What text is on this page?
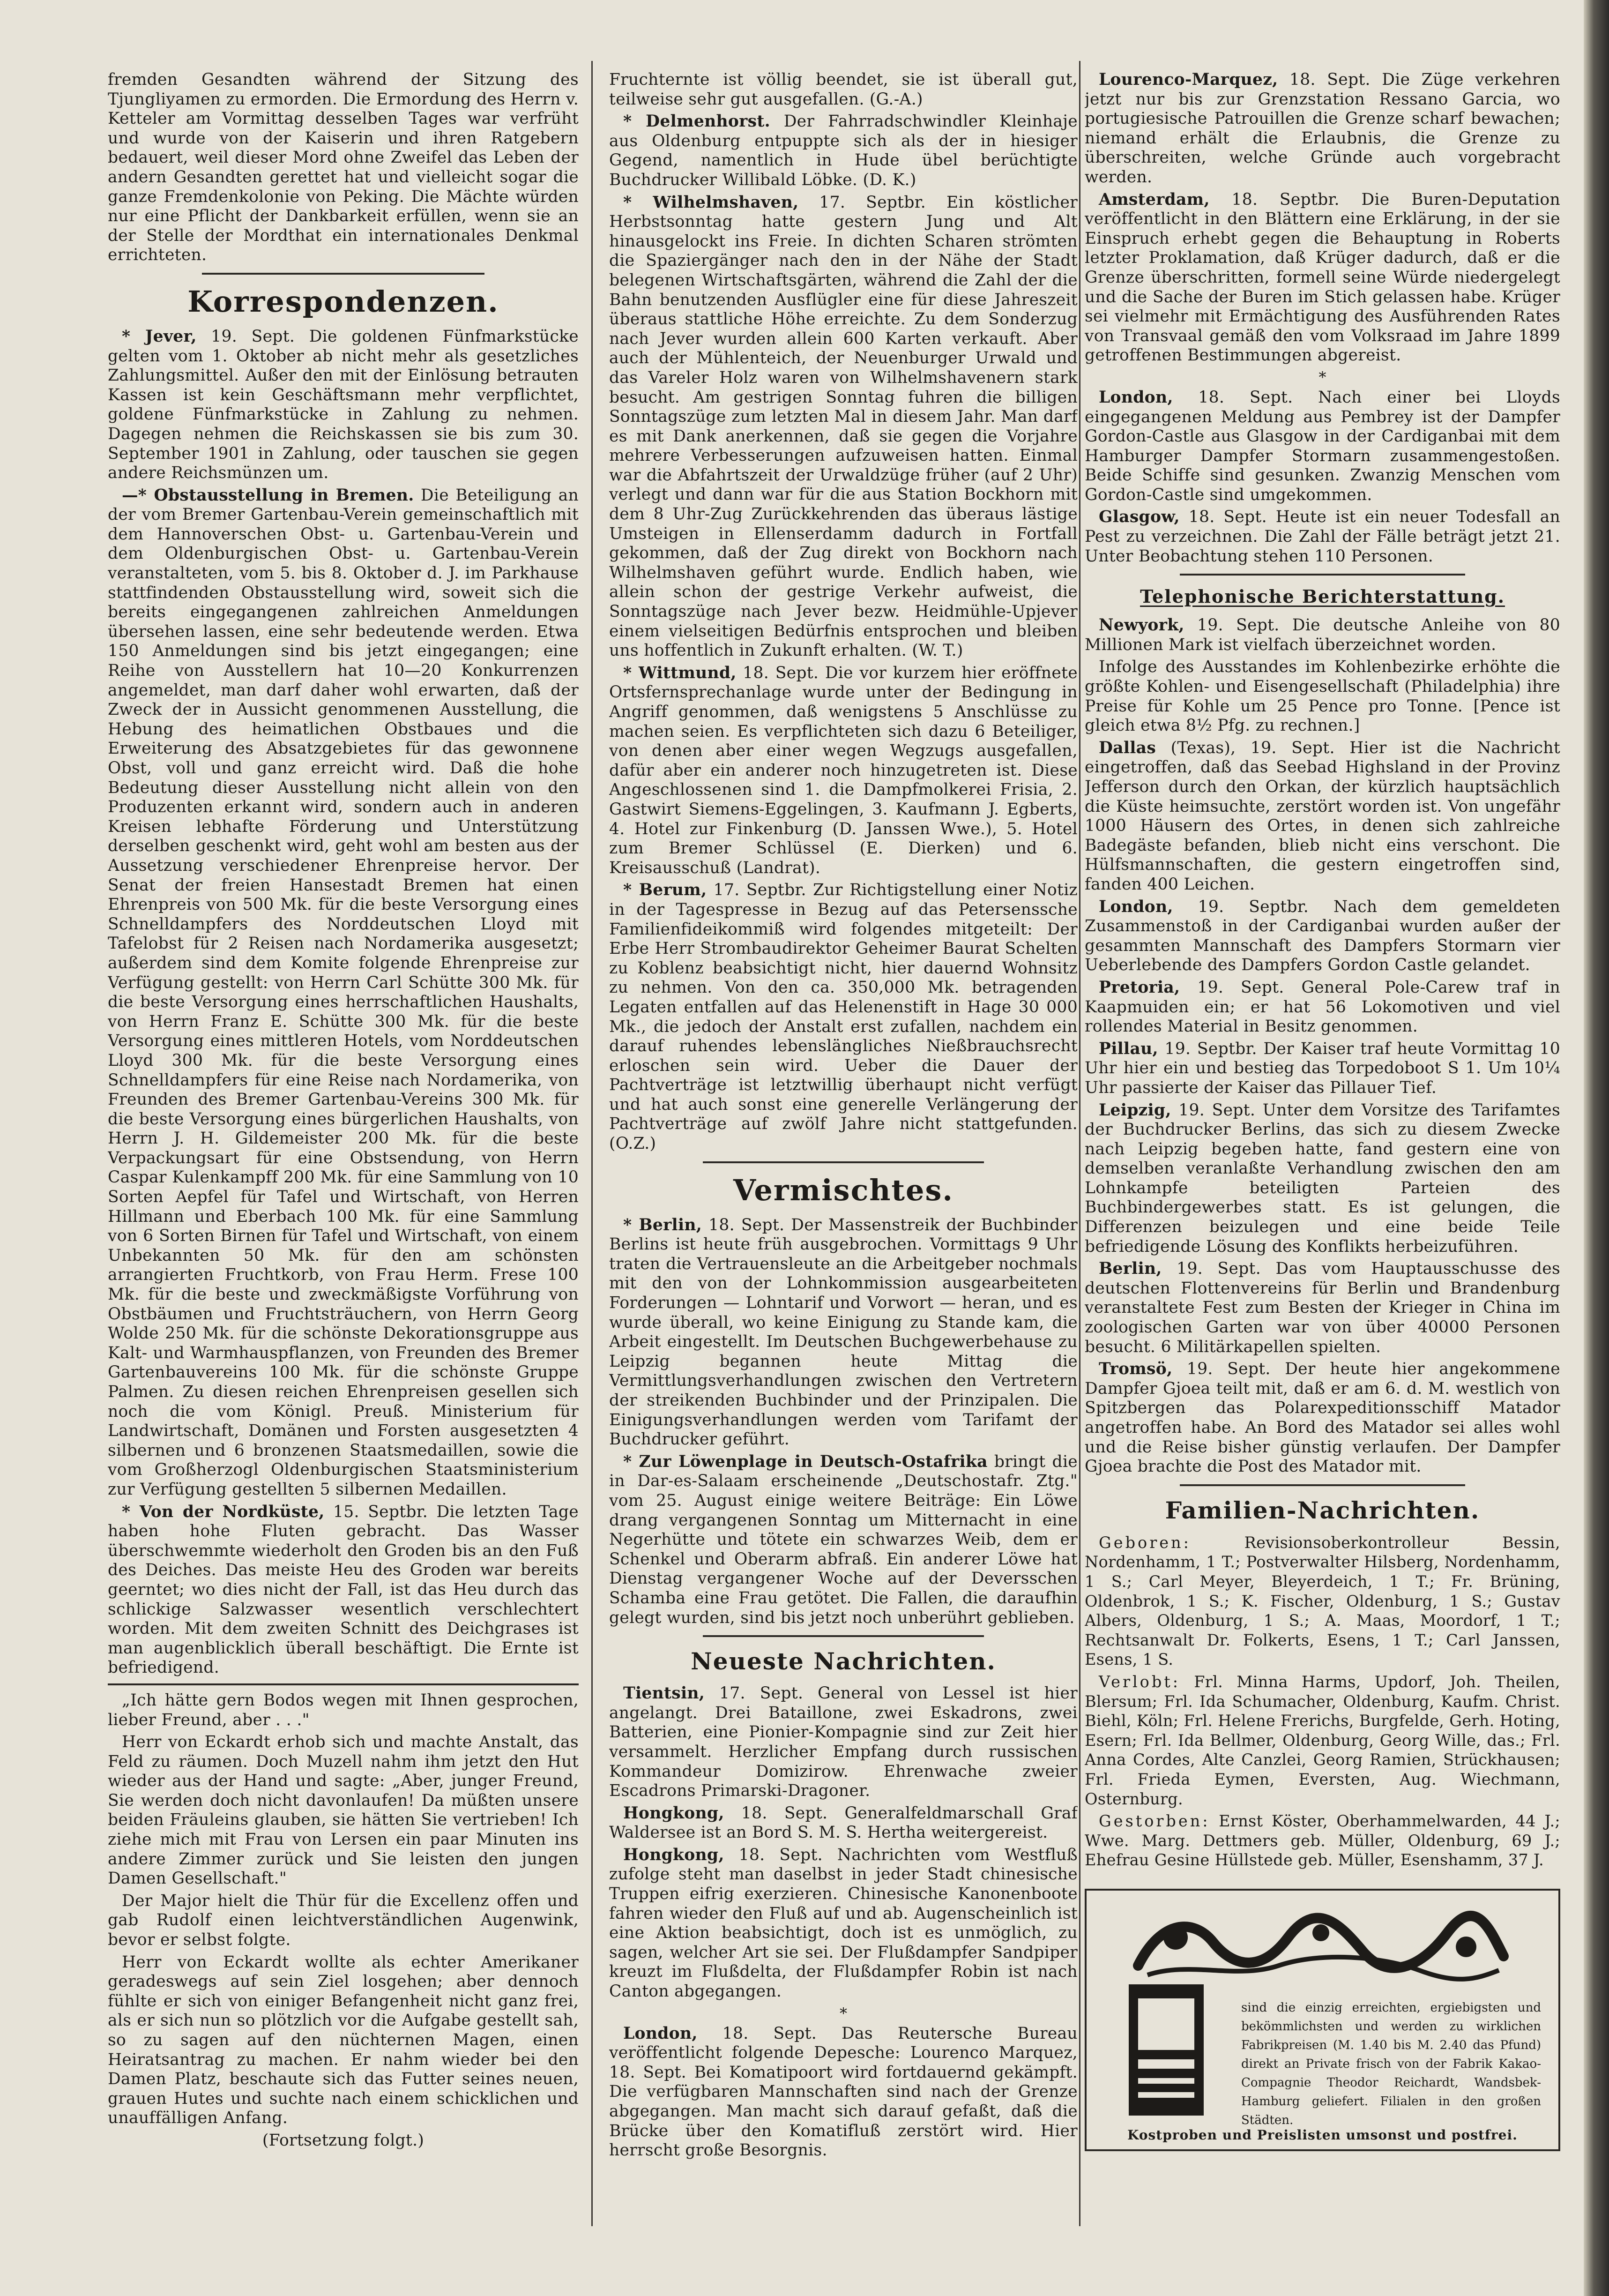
fremden Gesandten während der Sitzung des Tjungliyamen zu ermorden. Die Ermordung des Herrn v. Ketteler am Vormittag desselben Tages war verfrüht und wurde von der Kaiserin und ihren Ratgebern bedauert, weil dieser Mord ohne Zweifel das Leben der andern Gesandten gerettet hat und vielleicht sogar die ganze Fremdenkolonie von Peking. Die Mächte würden nur eine Pflicht der Dankbarkeit erfüllen, wenn sie an der Stelle der Mordthat ein internationales Denkmal errichteten.

Korrespondenzen.

* Jever, 19. Sept. Die goldenen Fünfmarkstücke gelten vom 1. Oktober ab nicht mehr als gesetzliches Zahlungsmittel. Außer den mit der Einlösung betrauten Kassen ist kein Geschäftsmann mehr verpflichtet, goldene Fünfmarkstücke in Zahlung zu nehmen. Dagegen nehmen die Reichskassen sie bis zum 30. September 1901 in Zahlung, oder tauschen sie gegen andere Reichsmünzen um.

—* Obstausstellung in Bremen. Die Beteiligung an der vom Bremer Gartenbau-Verein gemeinschaftlich mit dem Hannoverschen Obst- u. Gartenbau-Verein und dem Oldenburgischen Obst- u. Gartenbau-Verein veranstalteten, vom 5. bis 8. Oktober d. J. im Parkhause stattfindenden Obstausstellung wird, soweit sich die bereits eingegangenen zahlreichen Anmeldungen übersehen lassen, eine sehr bedeutende werden. Etwa 150 Anmeldungen sind bis jetzt eingegangen; eine Reihe von Ausstellern hat 10—20 Konkurrenzen angemeldet, man darf daher wohl erwarten, daß der Zweck der in Aussicht genommenen Ausstellung, die Hebung des heimatlichen Obstbaues und die Erweiterung des Absatzgebietes für das gewonnene Obst, voll und ganz erreicht wird. Daß die hohe Bedeutung dieser Ausstellung nicht allein von den Produzenten erkannt wird, sondern auch in anderen Kreisen lebhafte Förderung und Unterstützung derselben geschenkt wird, geht wohl am besten aus der Aussetzung verschiedener Ehrenpreise hervor. Der Senat der freien Hansestadt Bremen hat einen Ehrenpreis von 500 Mk. für die beste Versorgung eines Schnelldampfers des Norddeutschen Lloyd mit Tafelobst für 2 Reisen nach Nordamerika ausgesetzt; außerdem sind dem Komite folgende Ehrenpreise zur Verfügung gestellt: von Herrn Carl Schütte 300 Mk. für die beste Versorgung eines herrschaftlichen Haushalts, von Herrn Franz E. Schütte 300 Mk. für die beste Versorgung eines mittleren Hotels, vom Norddeutschen Lloyd 300 Mk. für die beste Versorgung eines Schnelldampfers für eine Reise nach Nordamerika, von Freunden des Bremer Gartenbau-Vereins 300 Mk. für die beste Versorgung eines bürgerlichen Haushalts, von Herrn J. H. Gildemeister 200 Mk. für die beste Verpackungsart für eine Obstsendung, von Herrn Caspar Kulenkampff 200 Mk. für eine Sammlung von 10 Sorten Aepfel für Tafel und Wirtschaft, von Herren Hillmann und Eberbach 100 Mk. für eine Sammlung von 6 Sorten Birnen für Tafel und Wirtschaft, von einem Unbekannten 50 Mk. für den am schönsten arrangierten Fruchtkorb, von Frau Herm. Frese 100 Mk. für die beste und zweckmäßigste Vorführung von Obstbäumen und Fruchtsträuchern, von Herrn Georg Wolde 250 Mk. für die schönste Dekorationsgruppe aus Kalt- und Warmhauspflanzen, von Freunden des Bremer Gartenbauvereins 100 Mk. für die schönste Gruppe Palmen. Zu diesen reichen Ehrenpreisen gesellen sich noch die vom Königl. Preuß. Ministerium für Landwirtschaft, Domänen und Forsten ausgesetzten 4 silbernen und 6 bronzenen Staatsmedaillen, sowie die vom Großherzogl Oldenburgischen Staatsministerium zur Verfügung gestellten 5 silbernen Medaillen.

* Von der Nordküste, 15. Septbr. Die letzten Tage haben hohe Fluten gebracht. Das Wasser überschwemmte wiederholt den Groden bis an den Fuß des Deiches. Das meiste Heu des Groden war bereits geerntet; wo dies nicht der Fall, ist das Heu durch das schlickige Salzwasser wesentlich verschlechtert worden. Mit dem zweiten Schnitt des Deichgrases ist man augenblicklich überall beschäftigt. Die Ernte ist befriedigend.

„Ich hätte gern Bodos wegen mit Ihnen gesprochen, lieber Freund, aber . . ."

Herr von Eckardt erhob sich und machte Anstalt, das Feld zu räumen. Doch Muzell nahm ihm jetzt den Hut wieder aus der Hand und sagte: „Aber, junger Freund, Sie werden doch nicht davonlaufen! Da müßten unsere beiden Fräuleins glauben, sie hätten Sie vertrieben! Ich ziehe mich mit Frau von Lersen ein paar Minuten ins andere Zimmer zurück und Sie leisten den jungen Damen Gesellschaft."

Der Major hielt die Thür für die Excellenz offen und gab Rudolf einen leichtverständlichen Augenwink, bevor er selbst folgte.

Herr von Eckardt wollte als echter Amerikaner geradeswegs auf sein Ziel losgehen; aber dennoch fühlte er sich von einiger Befangenheit nicht ganz frei, als er sich nun so plötzlich vor die Aufgabe gestellt sah, so zu sagen auf den nüchternen Magen, einen Heiratsantrag zu machen. Er nahm wieder bei den Damen Platz, beschaute sich das Futter seines neuen, grauen Hutes und suchte nach einem schicklichen und unauffälligen Anfang.

(Fortsetzung folgt.)

Fruchternte ist völlig beendet, sie ist überall gut, teilweise sehr gut ausgefallen. (G.-A.)

* Delmenhorst. Der Fahrradschwindler Kleinhaje aus Oldenburg entpuppte sich als der in hiesiger Gegend, namentlich in Hude übel berüchtigte Buchdrucker Willibald Löbke. (D. K.)

* Wilhelmshaven, 17. Septbr. Ein köstlicher Herbstsonntag hatte gestern Jung und Alt hinausgelockt ins Freie. In dichten Scharen strömten die Spaziergänger nach den in der Nähe der Stadt belegenen Wirtschaftsgärten, während die Zahl der die Bahn benutzenden Ausflügler eine für diese Jahreszeit überaus stattliche Höhe erreichte. Zu dem Sonderzug nach Jever wurden allein 600 Karten verkauft. Aber auch der Mühlenteich, der Neuenburger Urwald und das Vareler Holz waren von Wilhelmshavenern stark besucht. Am gestrigen Sonntag fuhren die billigen Sonntagszüge zum letzten Mal in diesem Jahr. Man darf es mit Dank anerkennen, daß sie gegen die Vorjahre mehrere Verbesserungen aufzuweisen hatten. Einmal war die Abfahrtszeit der Urwaldzüge früher (auf 2 Uhr) verlegt und dann war für die aus Station Bockhorn mit dem 8 Uhr-Zug Zurückkehrenden das überaus lästige Umsteigen in Ellenserdamm dadurch in Fortfall gekommen, daß der Zug direkt von Bockhorn nach Wilhelmshaven geführt wurde. Endlich haben, wie allein schon der gestrige Verkehr aufweist, die Sonntagszüge nach Jever bezw. Heidmühle-Upjever einem vielseitigen Bedürfnis entsprochen und bleiben uns hoffentlich in Zukunft erhalten. (W. T.)

* Wittmund, 18. Sept. Die vor kurzem hier eröffnete Ortsfernsprechanlage wurde unter der Bedingung in Angriff genommen, daß wenigstens 5 Anschlüsse zu machen seien. Es verpflichteten sich dazu 6 Beteiliger, von denen aber einer wegen Wegzugs ausgefallen, dafür aber ein anderer noch hinzugetreten ist. Diese Angeschlossenen sind 1. die Dampfmolkerei Frisia, 2. Gastwirt Siemens-Eggelingen, 3. Kaufmann J. Egberts, 4. Hotel zur Finkenburg (D. Janssen Wwe.), 5. Hotel zum Bremer Schlüssel (E. Dierken) und 6. Kreisausschuß (Landrat).

* Berum, 17. Septbr. Zur Richtigstellung einer Notiz in der Tagespresse in Bezug auf das Petersenssche Familienfideikommiß wird folgendes mitgeteilt: Der Erbe Herr Strombaudirektor Geheimer Baurat Schelten zu Koblenz beabsichtigt nicht, hier dauernd Wohnsitz zu nehmen. Von den ca. 350,000 Mk. betragenden Legaten entfallen auf das Helenenstift in Hage 30 000 Mk., die jedoch der Anstalt erst zufallen, nachdem ein darauf ruhendes lebenslängliches Nießbrauchsrecht erloschen sein wird. Ueber die Dauer der Pachtverträge ist letztwillig überhaupt nicht verfügt und hat auch sonst eine generelle Verlängerung der Pachtverträge auf zwölf Jahre nicht stattgefunden. (O.Z.)

Vermischtes.

* Berlin, 18. Sept. Der Massenstreik der Buchbinder Berlins ist heute früh ausgebrochen. Vormittags 9 Uhr traten die Vertrauensleute an die Arbeitgeber nochmals mit den von der Lohnkommission ausgearbeiteten Forderungen — Lohntarif und Vorwort — heran, und es wurde überall, wo keine Einigung zu Stande kam, die Arbeit eingestellt. Im Deutschen Buchgewerbehause zu Leipzig begannen heute Mittag die Vermittlungsverhandlungen zwischen den Vertretern der streikenden Buchbinder und der Prinzipalen. Die Einigungsverhandlungen werden vom Tarifamt der Buchdrucker geführt.

* Zur Löwenplage in Deutsch-Ostafrika bringt die in Dar-es-Salaam erscheinende „Deutschostafr. Ztg." vom 25. August einige weitere Beiträge: Ein Löwe drang vergangenen Sonntag um Mitternacht in eine Negerhütte und tötete ein schwarzes Weib, dem er Schenkel und Oberarm abfraß. Ein anderer Löwe hat Dienstag vergangener Woche auf der Deversschen Schamba eine Frau getötet. Die Fallen, die daraufhin gelegt wurden, sind bis jetzt noch unberührt geblieben.

Neueste Nachrichten.

Tientsin, 17. Sept. General von Lessel ist hier angelangt. Drei Bataillone, zwei Eskadrons, zwei Batterien, eine Pionier-Kompagnie sind zur Zeit hier versammelt. Herzlicher Empfang durch russischen Kommandeur Domizirow. Ehrenwache zweier Escadrons Primarski-Dragoner.

Hongkong, 18. Sept. Generalfeldmarschall Graf Waldersee ist an Bord S. M. S. Hertha weitergereist.

Hongkong, 18. Sept. Nachrichten vom Westfluß zufolge steht man daselbst in jeder Stadt chinesische Truppen eifrig exerzieren. Chinesische Kanonenboote fahren wieder den Fluß auf und ab. Augenscheinlich ist eine Aktion beabsichtigt, doch ist es unmöglich, zu sagen, welcher Art sie sei. Der Flußdampfer Sandpiper kreuzt im Flußdelta, der Flußdampfer Robin ist nach Canton abgegangen.

*

London, 18. Sept. Das Reutersche Bureau veröffentlicht folgende Depesche: Lourenco Marquez, 18. Sept. Bei Komatipoort wird fortdauernd gekämpft. Die verfügbaren Mannschaften sind nach der Grenze abgegangen. Man macht sich darauf gefaßt, daß die Brücke über den Komatifluß zerstört wird. Hier herrscht große Besorgnis.

Lourenco-Marquez, 18. Sept. Die Züge verkehren jetzt nur bis zur Grenzstation Ressano Garcia, wo portugiesische Patrouillen die Grenze scharf bewachen; niemand erhält die Erlaubnis, die Grenze zu überschreiten, welche Gründe auch vorgebracht werden.

Amsterdam, 18. Septbr. Die Buren-Deputation veröffentlicht in den Blättern eine Erklärung, in der sie Einspruch erhebt gegen die Behauptung in Roberts letzter Proklamation, daß Krüger dadurch, daß er die Grenze überschritten, formell seine Würde niedergelegt und die Sache der Buren im Stich gelassen habe. Krüger sei vielmehr mit Ermächtigung des Ausführenden Rates von Transvaal gemäß den vom Volksraad im Jahre 1899 getroffenen Bestimmungen abgereist.

*

London, 18. Sept. Nach einer bei Lloyds eingegangenen Meldung aus Pembrey ist der Dampfer Gordon-Castle aus Glasgow in der Cardiganbai mit dem Hamburger Dampfer Stormarn zusammengestoßen. Beide Schiffe sind gesunken. Zwanzig Menschen vom Gordon-Castle sind umgekommen.

Glasgow, 18. Sept. Heute ist ein neuer Todesfall an Pest zu verzeichnen. Die Zahl der Fälle beträgt jetzt 21. Unter Beobachtung stehen 110 Personen.

Telephonische Berichterstattung.

Newyork, 19. Sept. Die deutsche Anleihe von 80 Millionen Mark ist vielfach überzeichnet worden.

Infolge des Ausstandes im Kohlenbezirke erhöhte die größte Kohlen- und Eisengesellschaft (Philadelphia) ihre Preise für Kohle um 25 Pence pro Tonne. [Pence ist gleich etwa 8½ Pfg. zu rechnen.]

Dallas (Texas), 19. Sept. Hier ist die Nachricht eingetroffen, daß das Seebad Highsland in der Provinz Jefferson durch den Orkan, der kürzlich hauptsächlich die Küste heimsuchte, zerstört worden ist. Von ungefähr 1000 Häusern des Ortes, in denen sich zahlreiche Badegäste befanden, blieb nicht eins verschont. Die Hülfsmannschaften, die gestern eingetroffen sind, fanden 400 Leichen.

London, 19. Septbr. Nach dem gemeldeten Zusammenstoß in der Cardiganbai wurden außer der gesammten Mannschaft des Dampfers Stormarn vier Ueberlebende des Dampfers Gordon Castle gelandet.

Pretoria, 19. Sept. General Pole-Carew traf in Kaapmuiden ein; er hat 56 Lokomotiven und viel rollendes Material in Besitz genommen.

Pillau, 19. Septbr. Der Kaiser traf heute Vormittag 10 Uhr hier ein und bestieg das Torpedoboot S 1. Um 10¼ Uhr passierte der Kaiser das Pillauer Tief.

Leipzig, 19. Sept. Unter dem Vorsitze des Tarifamtes der Buchdrucker Berlins, das sich zu diesem Zwecke nach Leipzig begeben hatte, fand gestern eine von demselben veranlaßte Verhandlung zwischen den am Lohnkampfe beteiligten Parteien des Buchbindergewerbes statt. Es ist gelungen, die Differenzen beizulegen und eine beide Teile befriedigende Lösung des Konflikts herbeizuführen.

Berlin, 19. Sept. Das vom Hauptausschusse des deutschen Flottenvereins für Berlin und Brandenburg veranstaltete Fest zum Besten der Krieger in China im zoologischen Garten war von über 40000 Personen besucht. 6 Militärkapellen spielten.

Tromsö, 19. Sept. Der heute hier angekommene Dampfer Gjoea teilt mit, daß er am 6. d. M. westlich von Spitzbergen das Polarexpeditionsschiff Matador angetroffen habe. An Bord des Matador sei alles wohl und die Reise bisher günstig verlaufen. Der Dampfer Gjoea brachte die Post des Matador mit.

Familien-Nachrichten.

Geboren: Revisionsoberkontrolleur Bessin, Nordenhamm, 1 T.; Postverwalter Hilsberg, Nordenhamm, 1 S.; Carl Meyer, Bleyerdeich, 1 T.; Fr. Brüning, Oldenbrok, 1 S.; K. Fischer, Oldenburg, 1 S.; Gustav Albers, Oldenburg, 1 S.; A. Maas, Moordorf, 1 T.; Rechtsanwalt Dr. Folkerts, Esens, 1 T.; Carl Janssen, Esens, 1 S.

Verlobt: Frl. Minna Harms, Updorf, Joh. Theilen, Blersum; Frl. Ida Schumacher, Oldenburg, Kaufm. Christ. Biehl, Köln; Frl. Helene Frerichs, Burgfelde, Gerh. Hoting, Esern; Frl. Ida Bellmer, Oldenburg, Georg Wille, das.; Frl. Anna Cordes, Alte Canzlei, Georg Ramien, Strückhausen; Frl. Frieda Eymen, Eversten, Aug. Wiechmann, Osternburg.

Gestorben: Ernst Köster, Oberhammelwarden, 44 J.; Wwe. Marg. Dettmers geb. Müller, Oldenburg, 69 J.; Ehefrau Gesine Hüllstede geb. Müller, Esenshamm, 37 J.

sind die einzig erreichten, ergiebigsten und bekömmlichsten und werden zu wirklichen Fabrikpreisen (M. 1.40 bis M. 2.40 das Pfund) direkt an Private frisch von der Fabrik Kakao-Compagnie Theodor Reichardt, Wandsbek-Hamburg geliefert. Filialen in den großen Städten.
Kostproben und Preislisten umsonst und postfrei.
